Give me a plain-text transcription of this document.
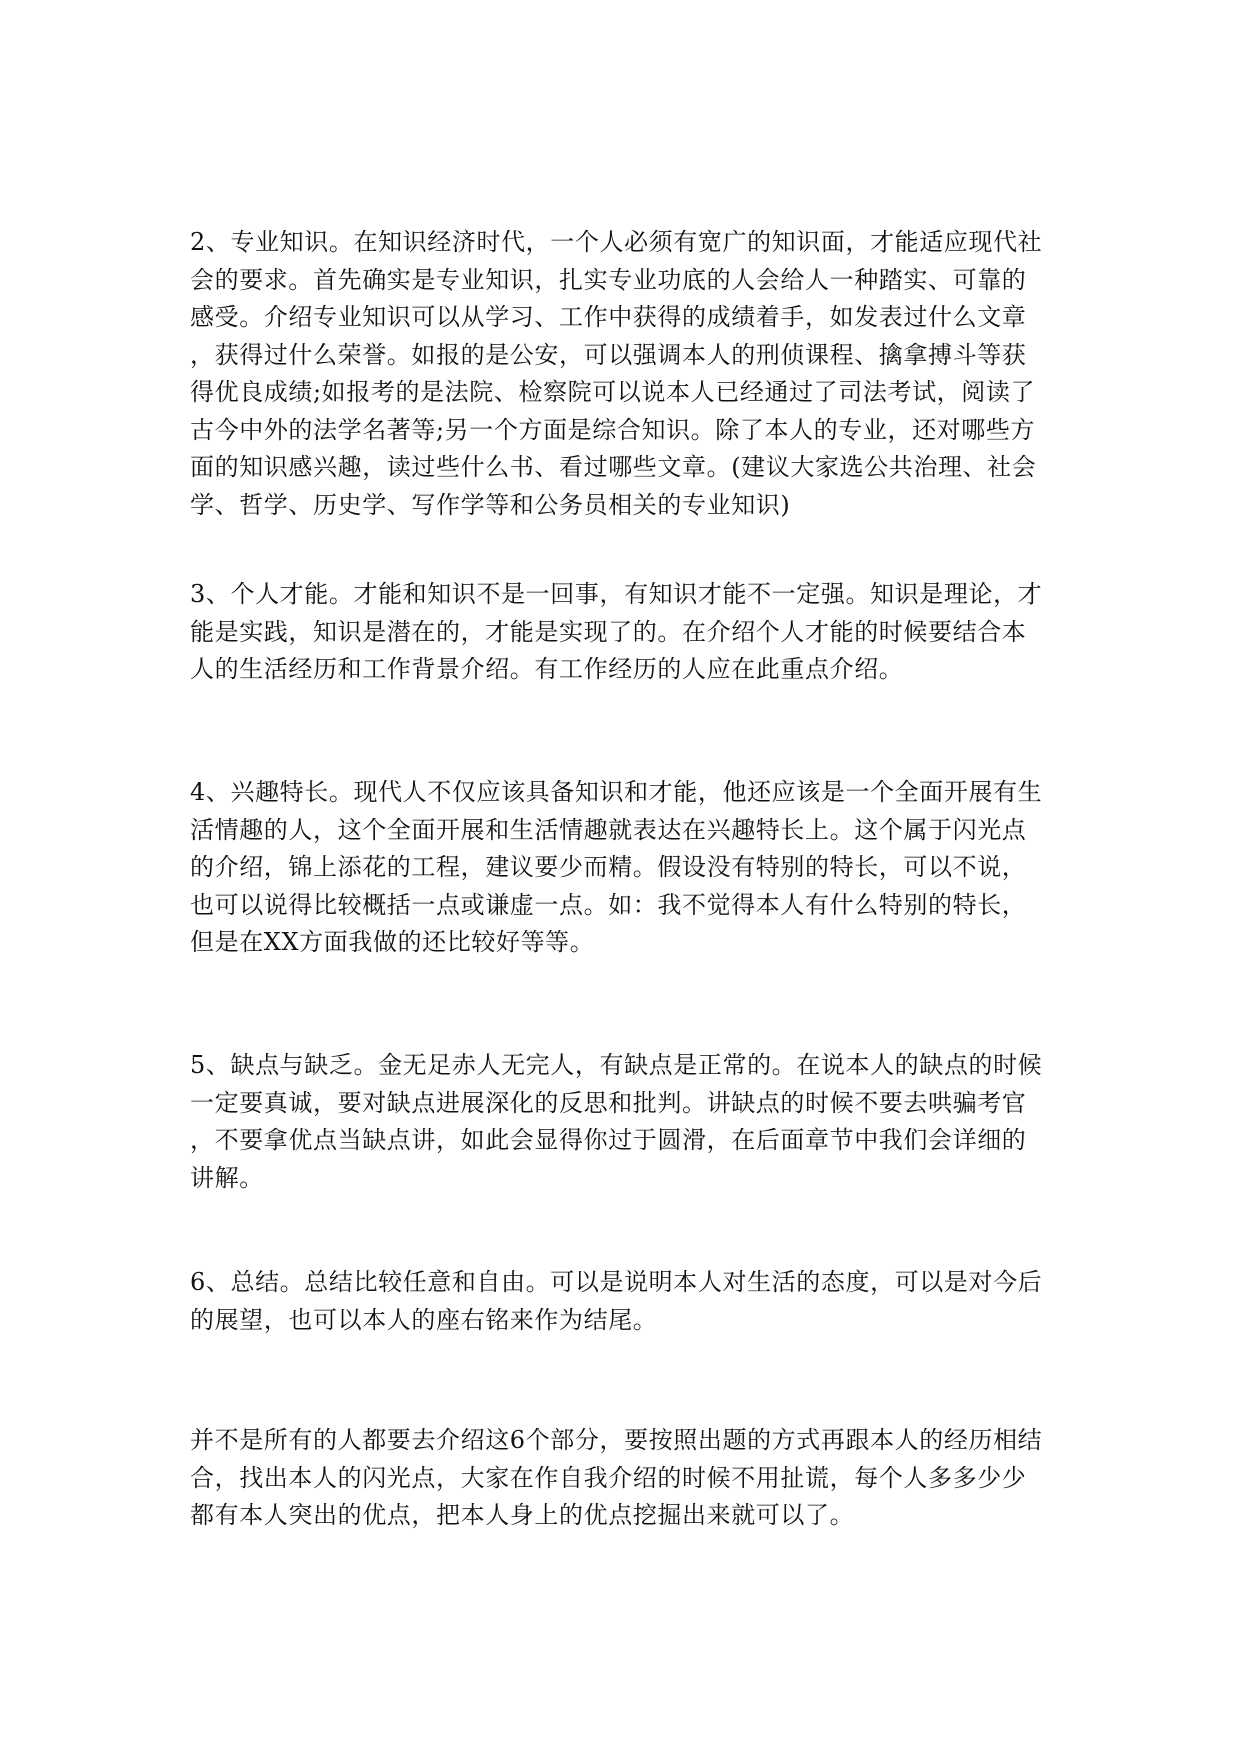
2、专业知识。在知识经济时代，一个人必须有宽广的知识面，才能适应现代社
会的要求。首先确实是专业知识，扎实专业功底的人会给人一种踏实、可靠的
感受。介绍专业知识可以从学习、工作中获得的成绩着手，如发表过什么文章
，获得过什么荣誉。如报的是公安，可以强调本人的刑侦课程、擒拿搏斗等获
得优良成绩;如报考的是法院、检察院可以说本人已经通过了司法考试，阅读了
古今中外的法学名著等;另一个方面是综合知识。除了本人的专业，还对哪些方
面的知识感兴趣，读过些什么书、看过哪些文章。(建议大家选公共治理、社会
学、哲学、历史学、写作学等和公务员相关的专业知识)

3、个人才能。才能和知识不是一回事，有知识才能不一定强。知识是理论，才
能是实践，知识是潜在的，才能是实现了的。在介绍个人才能的时候要结合本
人的生活经历和工作背景介绍。有工作经历的人应在此重点介绍。

4、兴趣特长。现代人不仅应该具备知识和才能，他还应该是一个全面开展有生
活情趣的人，这个全面开展和生活情趣就表达在兴趣特长上。这个属于闪光点
的介绍，锦上添花的工程，建议要少而精。假设没有特别的特长，可以不说，
也可以说得比较概括一点或谦虚一点。如：我不觉得本人有什么特别的特长，
但是在XX方面我做的还比较好等等。

5、缺点与缺乏。金无足赤人无完人，有缺点是正常的。在说本人的缺点的时候
一定要真诚，要对缺点进展深化的反思和批判。讲缺点的时候不要去哄骗考官
，不要拿优点当缺点讲，如此会显得你过于圆滑，在后面章节中我们会详细的
讲解。

6、总结。总结比较任意和自由。可以是说明本人对生活的态度，可以是对今后
的展望，也可以本人的座右铭来作为结尾。

并不是所有的人都要去介绍这6个部分，要按照出题的方式再跟本人的经历相结
合，找出本人的闪光点，大家在作自我介绍的时候不用扯谎，每个人多多少少
都有本人突出的优点，把本人身上的优点挖掘出来就可以了。
